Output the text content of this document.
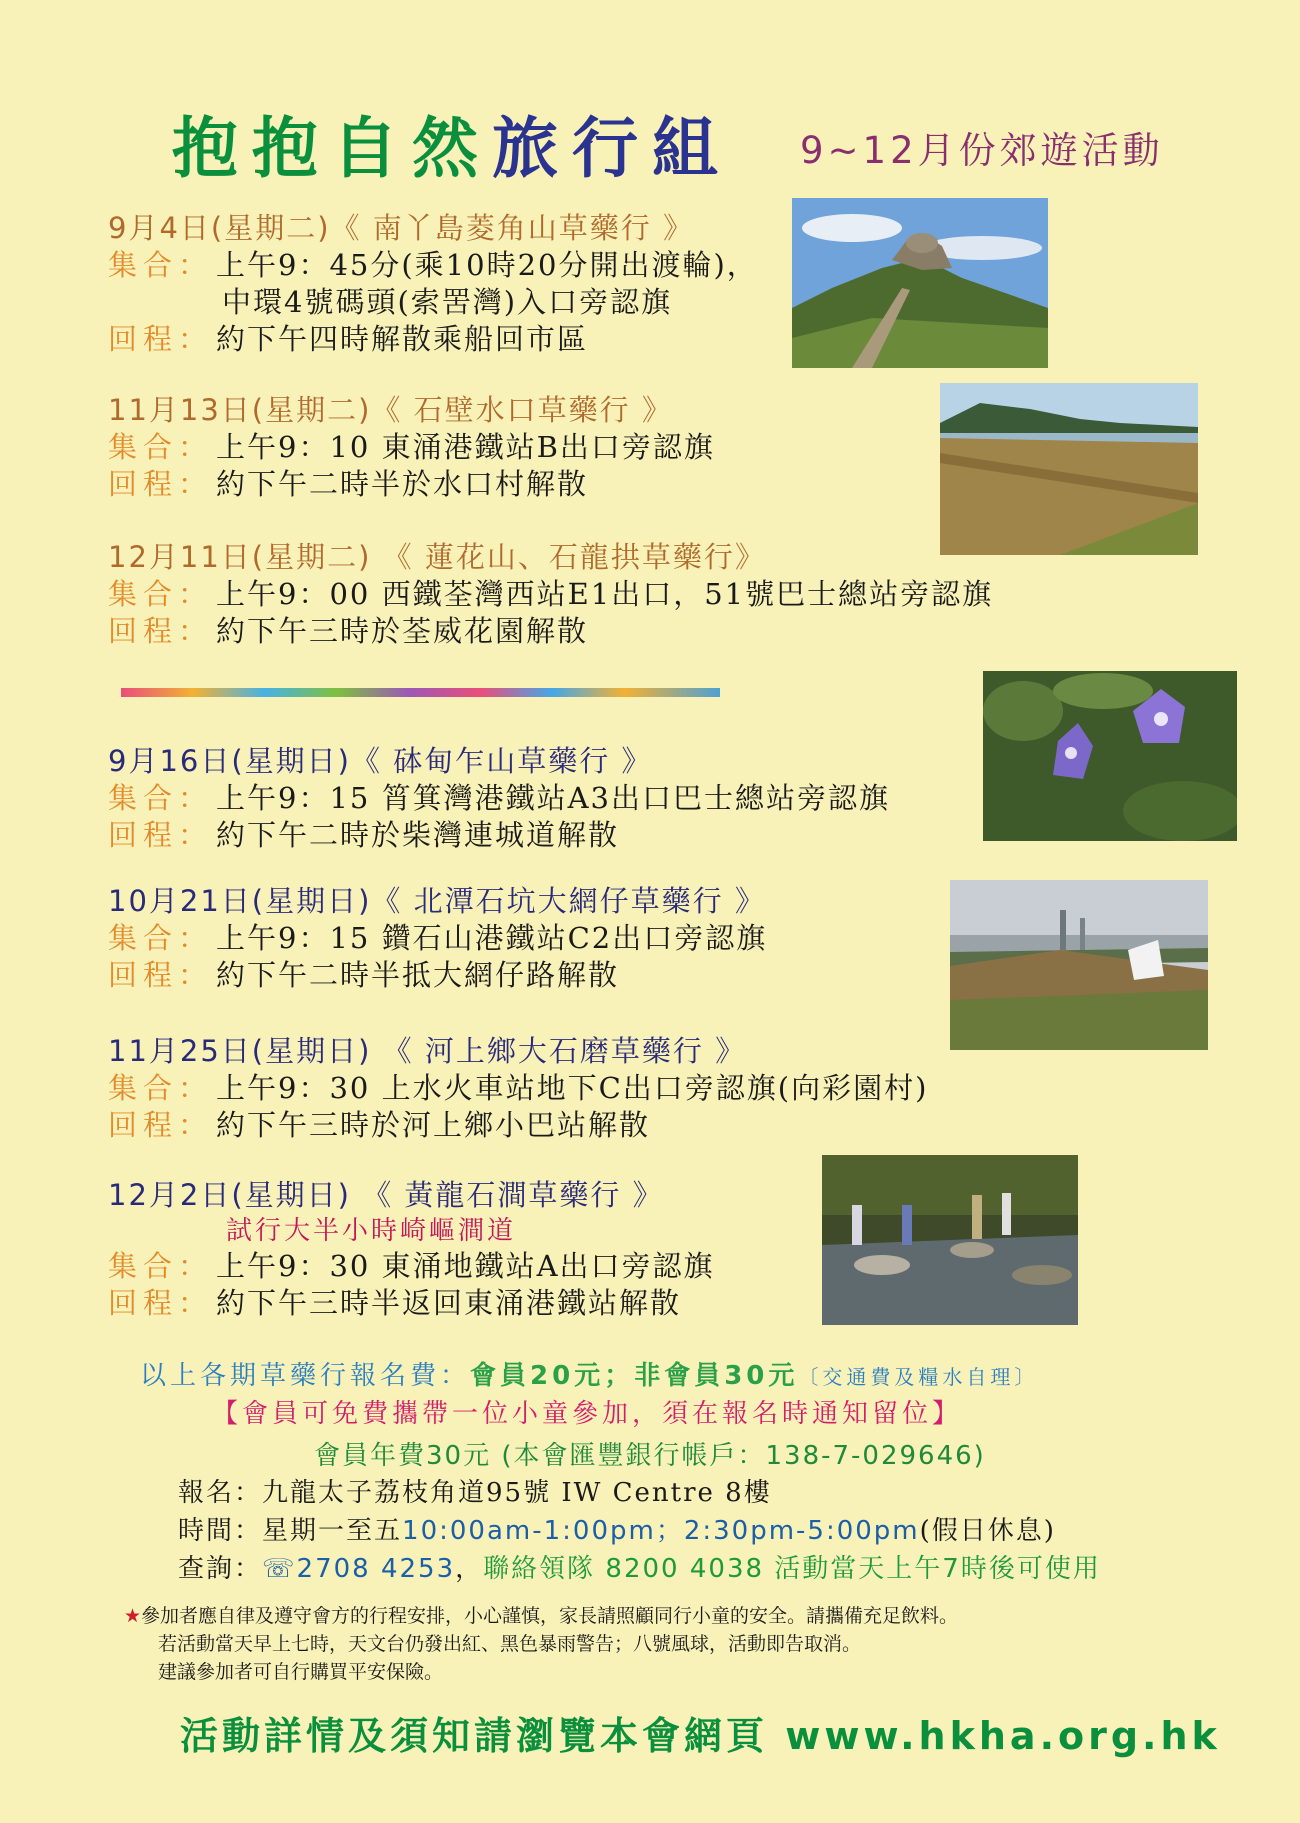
抱抱自然旅行組 9~12月份郊遊活動
9月4日(星期二)《 南丫島菱角山草藥行 》
集合： 上午9：45分(乘10時20分開出渡輪)，
中環4號碼頭(索罟灣)入口旁認旗
回程： 約下午四時解散乘船回市區
11月13日(星期二)《 石壁水口草藥行 》
集合： 上午9：10 東涌港鐵站B出口旁認旗
回程： 約下午二時半於水口村解散
12月11日(星期二) 《 蓮花山、石龍拱草藥行》
集合： 上午9：00 西鐵荃灣西站E1出口，51號巴士總站旁認旗
回程： 約下午三時於荃威花園解散
9月16日(星期日)《 砵甸乍山草藥行 》
集合： 上午9：15 筲箕灣港鐵站A3出口巴士總站旁認旗
回程： 約下午二時於柴灣連城道解散
10月21日(星期日)《 北潭石坑大網仔草藥行 》
集合： 上午9：15 鑽石山港鐵站C2出口旁認旗
回程： 約下午二時半抵大網仔路解散
11月25日(星期日) 《 河上鄉大石磨草藥行 》
集合： 上午9：30 上水火車站地下C出口旁認旗(向彩園村)
回程： 約下午三時於河上鄉小巴站解散
12月2日(星期日) 《 黃龍石澗草藥行 》
試行大半小時崎嶇澗道
集合： 上午9：30 東涌地鐵站A出口旁認旗
回程： 約下午三時半返回東涌港鐵站解散
以上各期草藥行報名費：會員20元；非會員30元〔交通費及糧水自理〕
【會員可免費攜帶一位小童參加，須在報名時通知留位】
會員年費30元 (本會匯豐銀行帳戶：138-7-029646)
報名：九龍太子荔枝角道95號 IW Centre 8樓
時間：星期一至五10:00am-1:00pm；2:30pm-5:00pm(假日休息)
查詢：☏2708 4253，聯絡領隊 8200 4038 活動當天上午7時後可使用
★參加者應自律及遵守會方的行程安排，小心謹慎，家長請照顧同行小童的安全。請攜備充足飲料。
若活動當天早上七時，天文台仍發出紅、黑色暴雨警告；八號風球，活動即告取消。
建議參加者可自行購買平安保險。
活動詳情及須知請瀏覽本會網頁 www.hkha.org.hk
